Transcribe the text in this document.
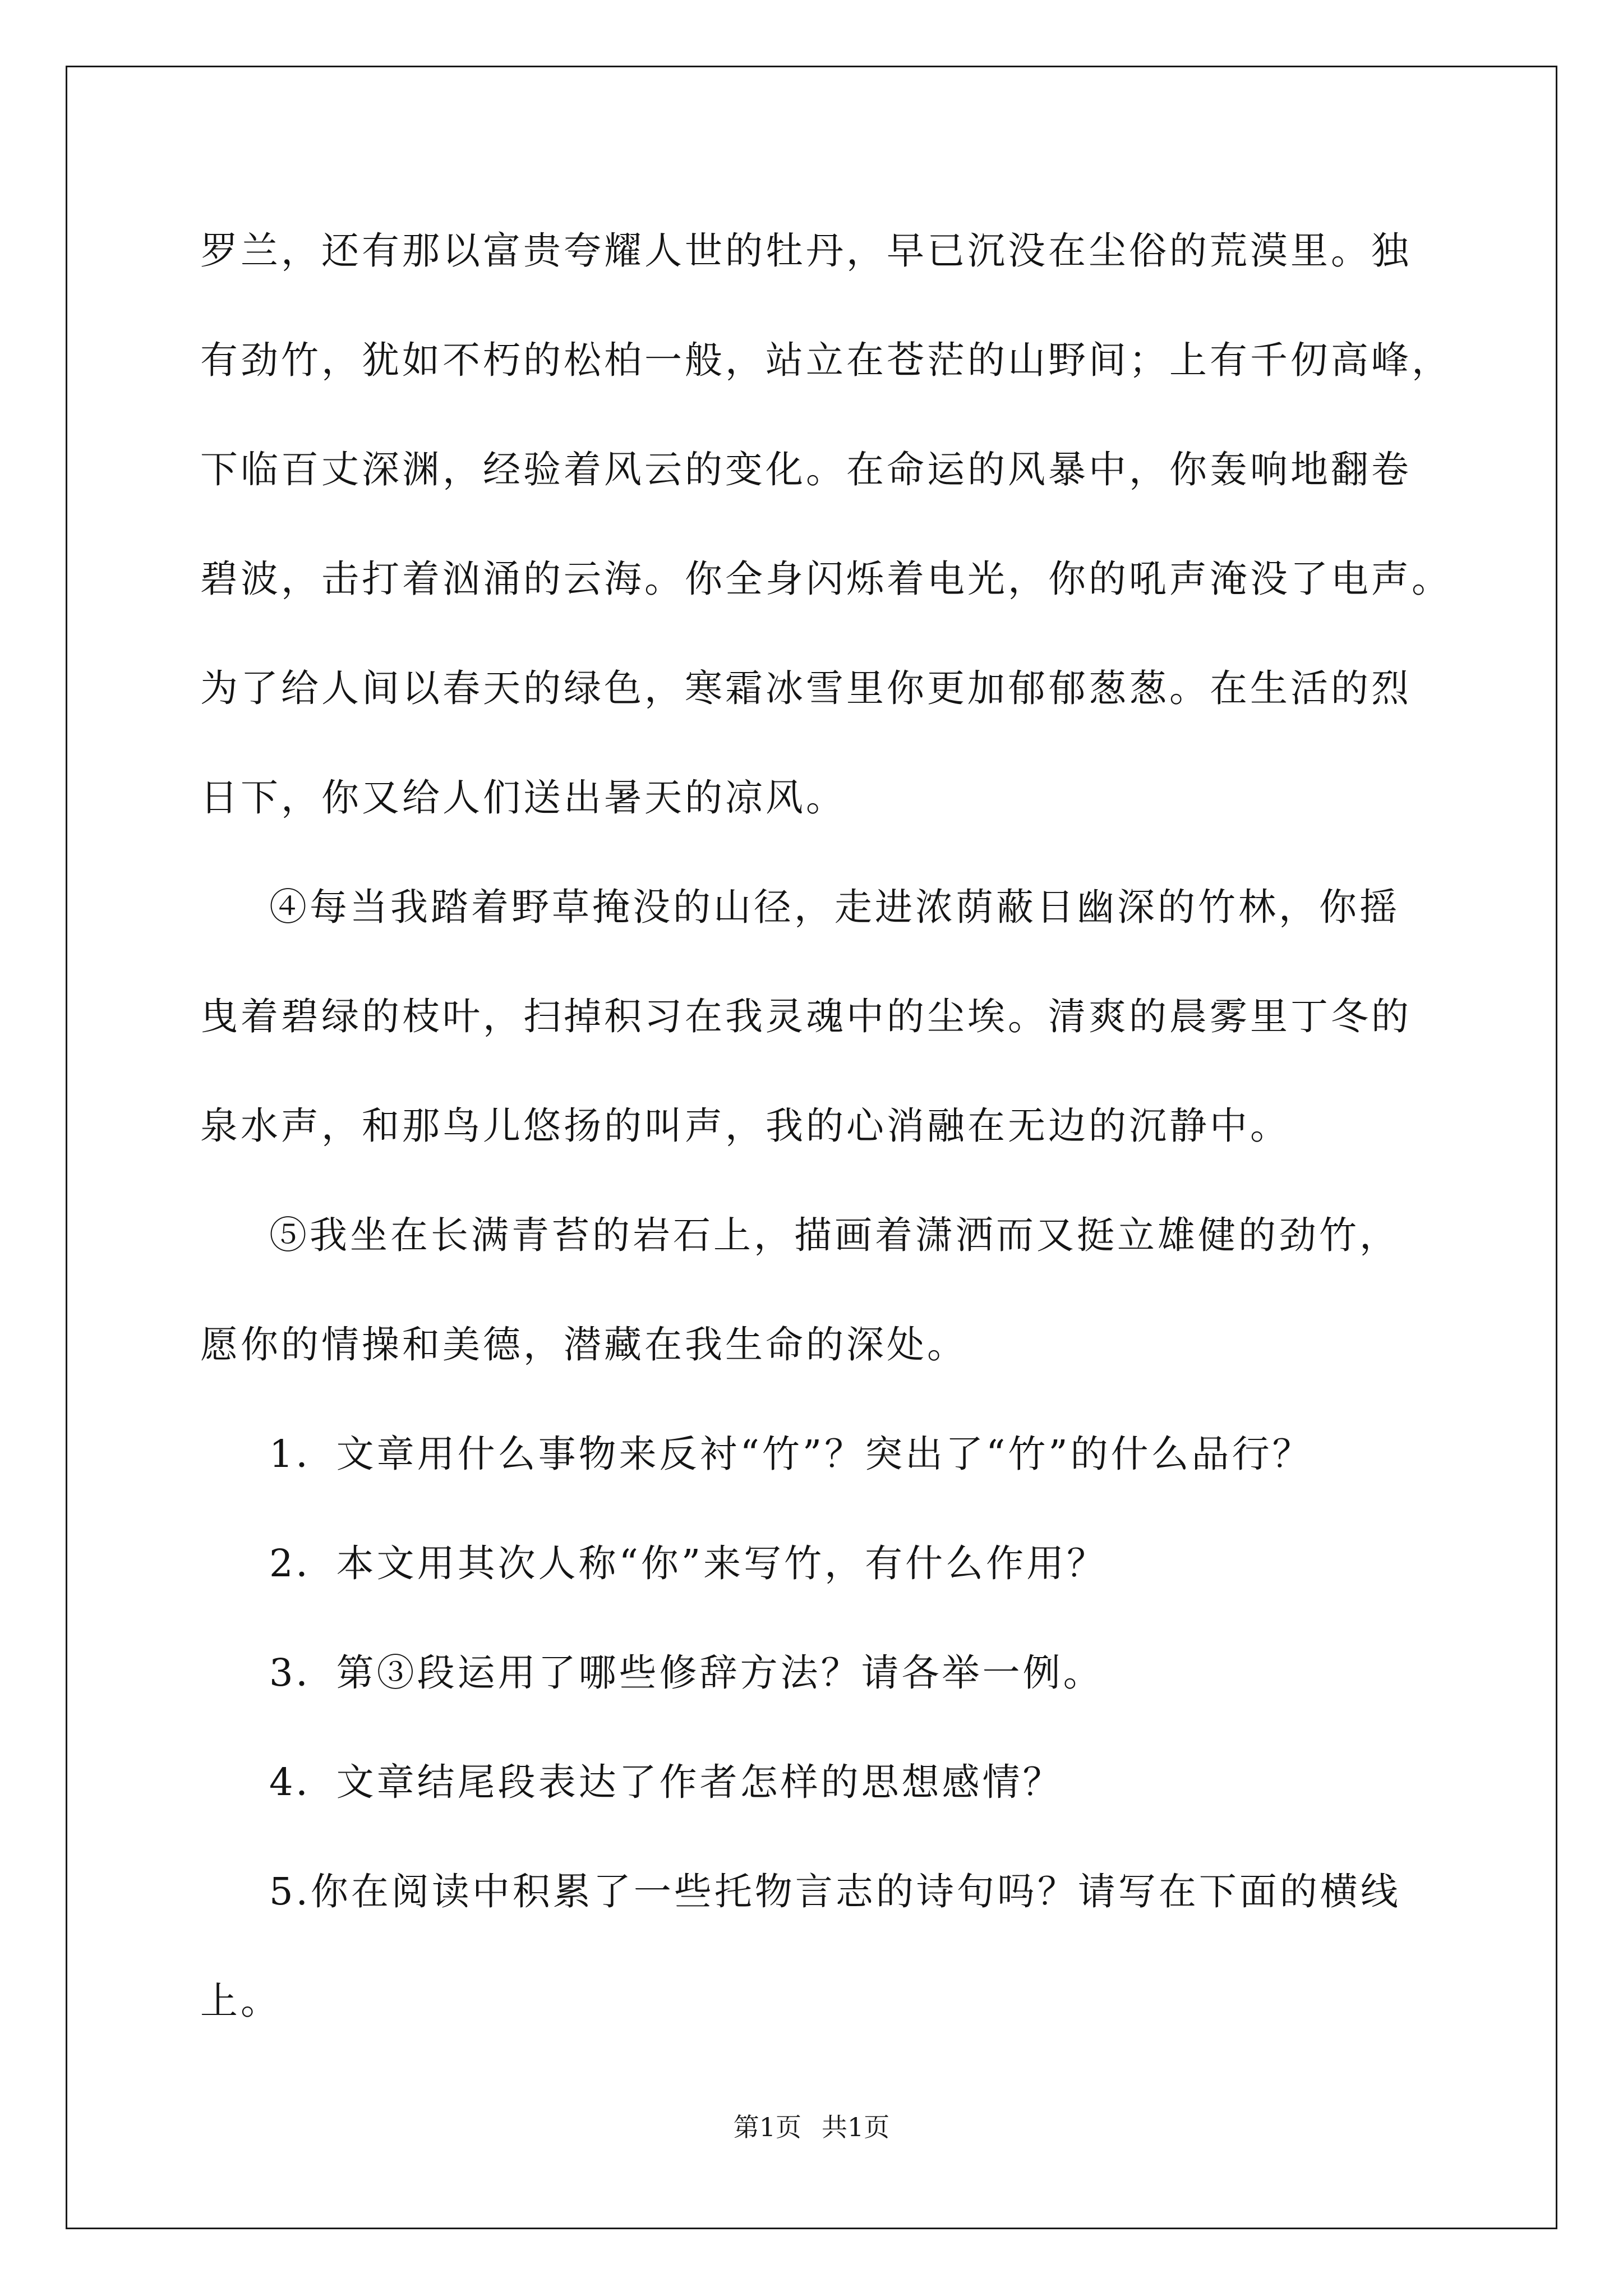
罗兰，还有那以富贵夸耀人世的牡丹，早已沉没在尘俗的荒漠里。独

有劲竹，犹如不朽的松柏一般，站立在苍茫的山野间；上有千仞高峰，

下临百丈深渊，经验着风云的变化。在命运的风暴中，你轰响地翻卷

碧波，击打着汹涌的云海。你全身闪烁着电光，你的吼声淹没了电声。

为了给人间以春天的绿色，寒霜冰雪里你更加郁郁葱葱。在生活的烈

日下，你又给人们送出暑天的凉风。

④每当我踏着野草掩没的山径，走进浓荫蔽日幽深的竹林，你摇

曳着碧绿的枝叶，扫掉积习在我灵魂中的尘埃。清爽的晨雾里丁冬的

泉水声，和那鸟儿悠扬的叫声，我的心消融在无边的沉静中。

⑤我坐在长满青苔的岩石上，描画着潇洒而又挺立雄健的劲竹，

愿你的情操和美德，潜藏在我生命的深处。

1．文章用什么事物来反衬“竹”？突出了“竹”的什么品行？

2．本文用其次人称“你”来写竹，有什么作用？

3．第③段运用了哪些修辞方法？请各举一例。

4．文章结尾段表达了作者怎样的思想感情？

5.你在阅读中积累了一些托物言志的诗句吗？请写在下面的横线

上。

第1页 共1页
